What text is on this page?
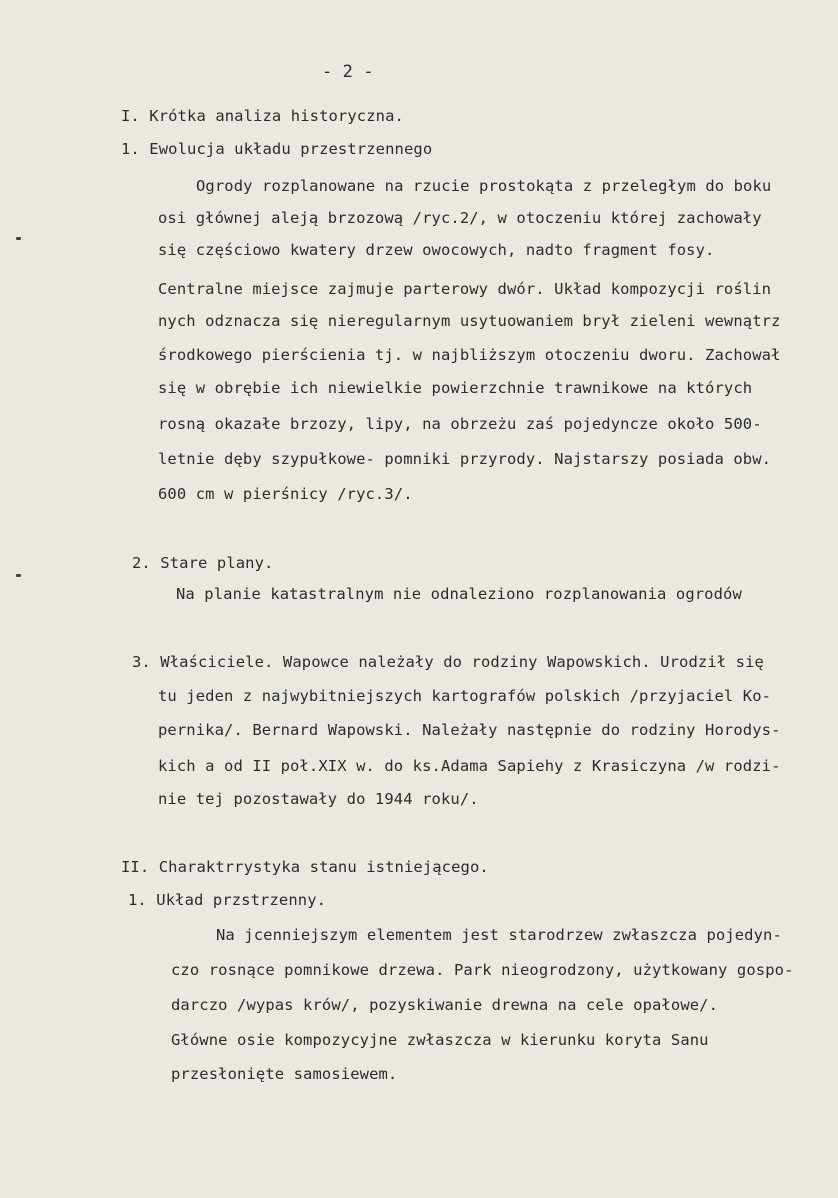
- 2 -
I. Krótka analiza historyczna.
1. Ewolucja układu przestrzennego
Ogrody rozplanowane na rzucie prostokąta z przeległym do boku
osi głównej aleją brzozową /ryc.2/, w otoczeniu której zachowały
się częściowo kwatery drzew owocowych, nadto fragment fosy.
Centralne miejsce zajmuje parterowy dwór. Układ kompozycji roślin
nych odznacza się nieregularnym usytuowaniem brył zieleni wewnątrz
środkowego pierścienia tj. w najbliższym otoczeniu dworu. Zachował
się w obrębie ich niewielkie powierzchnie trawnikowe na których
rosną okazałe brzozy, lipy, na obrzeżu zaś pojedyncze około 500-
letnie dęby szypułkowe- pomniki przyrody. Najstarszy posiada obw.
600 cm w pierśnicy /ryc.3/.
2. Stare plany.
Na planie katastralnym nie odnaleziono rozplanowania ogrodów
3. Właściciele. Wapowce należały do rodziny Wapowskich. Urodził się
tu jeden z najwybitniejszych kartografów polskich /przyjaciel Ko-
pernika/. Bernard Wapowski. Należały następnie do rodziny Horodys-
kich a od II poł.XIX w. do ks.Adama Sapiehy z Krasiczyna /w rodzi-
nie tej pozostawały do 1944 roku/.
II. Charaktrrystyka stanu istniejącego.
1. Układ przstrzenny.
Na jcenniejszym elementem jest starodrzew zwłaszcza pojedyn-
czo rosnące pomnikowe drzewa. Park nieogrodzony, użytkowany gospo-
darczo /wypas krów/, pozyskiwanie drewna na cele opałowe/.
Główne osie kompozycyjne zwłaszcza w kierunku koryta Sanu
przesłonięte samosiewem.
